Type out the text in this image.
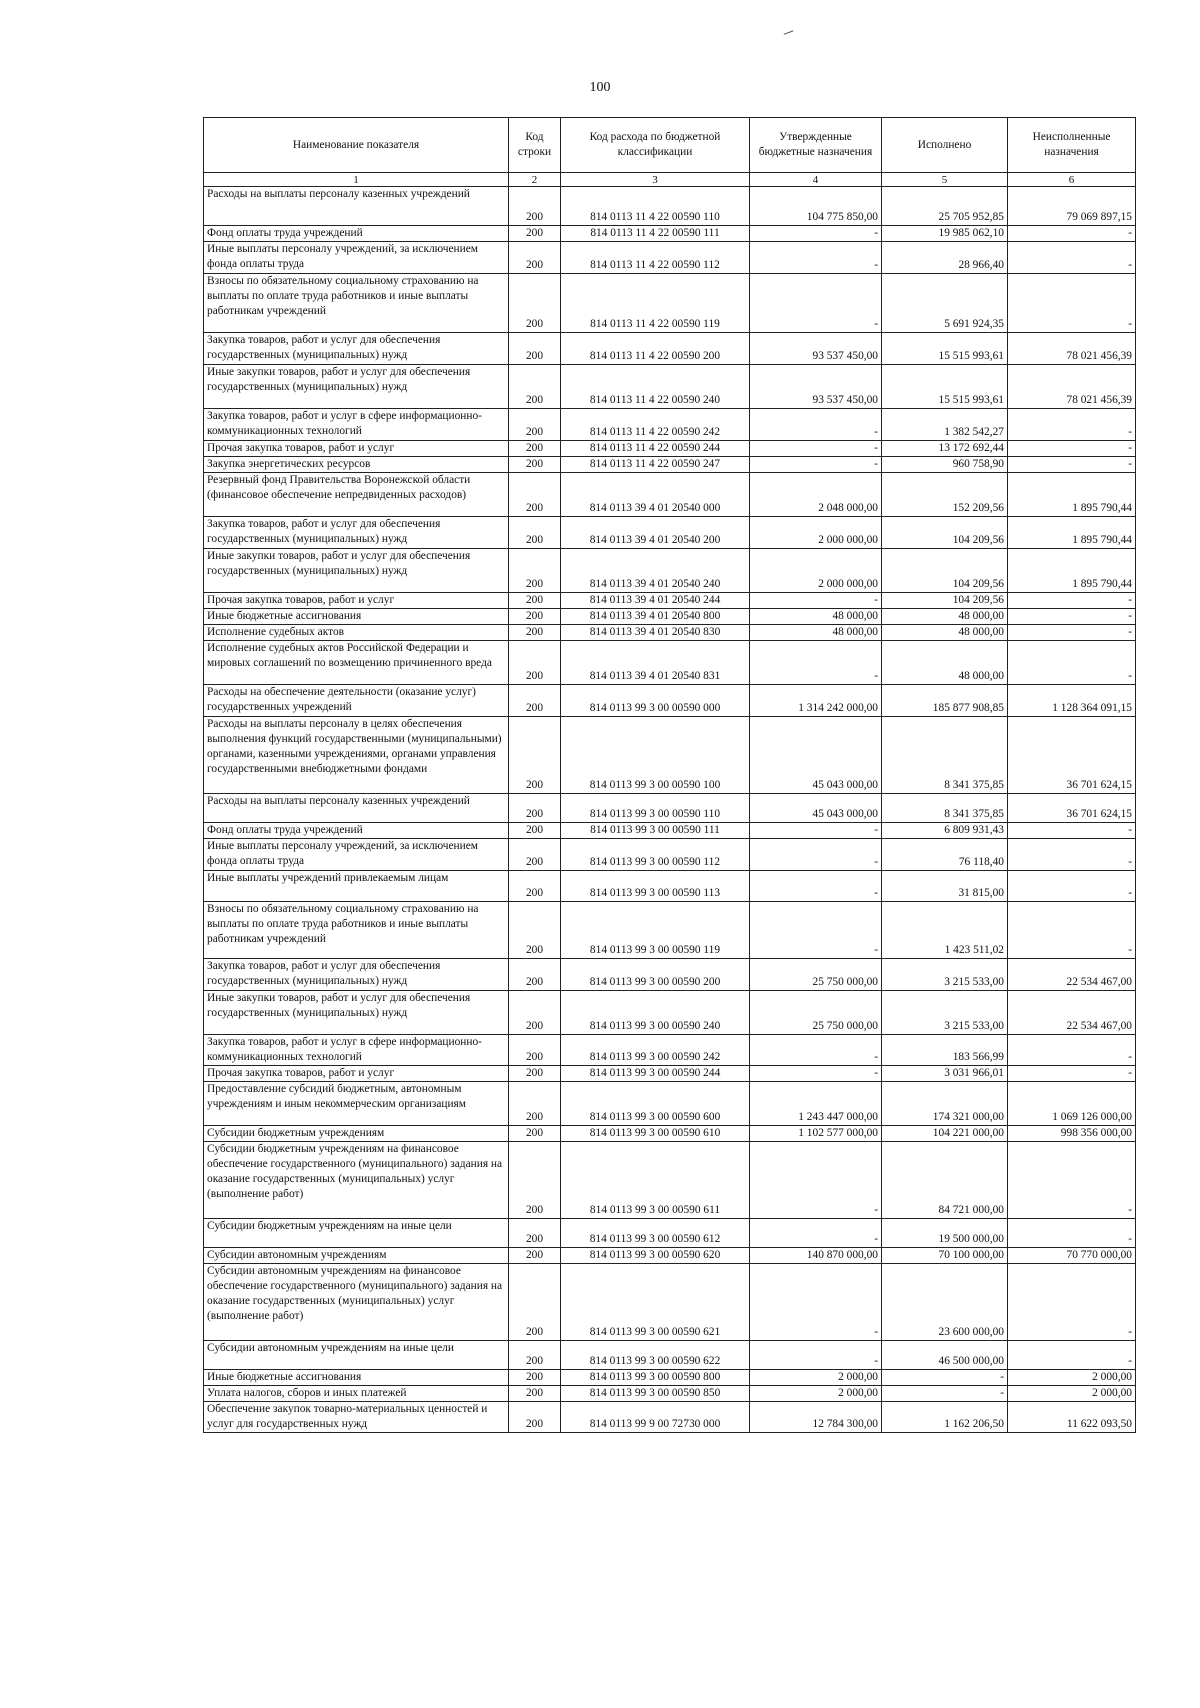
100
Наименование показателя	Код строки	Код расхода по бюджетной классификации	Утвержденные бюджетные назначения	Исполнено	Неисполненные назначения
1	2	3	4	5	6
Расходы на выплаты персоналу казенных учреждений	200	814 0113 11 4 22 00590 110	104 775 850,00	25 705 952,85	79 069 897,15
Фонд оплаты труда учреждений	200	814 0113 11 4 22 00590 111	-	19 985 062,10	-
Иные выплаты персоналу учреждений, за исключением фонда оплаты труда	200	814 0113 11 4 22 00590 112	-	28 966,40	-
Взносы по обязательному социальному страхованию на выплаты по оплате труда работников и иные выплаты работникам учреждений	200	814 0113 11 4 22 00590 119	-	5 691 924,35	-
Закупка товаров, работ и услуг для обеспечения государственных (муниципальных) нужд	200	814 0113 11 4 22 00590 200	93 537 450,00	15 515 993,61	78 021 456,39
Иные закупки товаров, работ и услуг для обеспечения государственных (муниципальных) нужд	200	814 0113 11 4 22 00590 240	93 537 450,00	15 515 993,61	78 021 456,39
Закупка товаров, работ и услуг в сфере информационно-коммуникационных технологий	200	814 0113 11 4 22 00590 242	-	1 382 542,27	-
Прочая закупка товаров, работ и услуг	200	814 0113 11 4 22 00590 244	-	13 172 692,44	-
Закупка энергетических ресурсов	200	814 0113 11 4 22 00590 247	-	960 758,90	-
Резервный фонд Правительства Воронежской области (финансовое обеспечение непредвиденных расходов)	200	814 0113 39 4 01 20540 000	2 048 000,00	152 209,56	1 895 790,44
Закупка товаров, работ и услуг для обеспечения государственных (муниципальных) нужд	200	814 0113 39 4 01 20540 200	2 000 000,00	104 209,56	1 895 790,44
Иные закупки товаров, работ и услуг для обеспечения государственных (муниципальных) нужд	200	814 0113 39 4 01 20540 240	2 000 000,00	104 209,56	1 895 790,44
Прочая закупка товаров, работ и услуг	200	814 0113 39 4 01 20540 244	-	104 209,56	-
Иные бюджетные ассигнования	200	814 0113 39 4 01 20540 800	48 000,00	48 000,00	-
Исполнение судебных актов	200	814 0113 39 4 01 20540 830	48 000,00	48 000,00	-
Исполнение судебных актов Российской Федерации и мировых соглашений по возмещению причиненного вреда	200	814 0113 39 4 01 20540 831	-	48 000,00	-
Расходы на обеспечение деятельности (оказание услуг) государственных учреждений	200	814 0113 99 3 00 00590 000	1 314 242 000,00	185 877 908,85	1 128 364 091,15
Расходы на выплаты персоналу в целях обеспечения выполнения функций государственными (муниципальными) органами, казенными учреждениями, органами управления государственными внебюджетными фондами	200	814 0113 99 3 00 00590 100	45 043 000,00	8 341 375,85	36 701 624,15
Расходы на выплаты персоналу казенных учреждений	200	814 0113 99 3 00 00590 110	45 043 000,00	8 341 375,85	36 701 624,15
Фонд оплаты труда учреждений	200	814 0113 99 3 00 00590 111	-	6 809 931,43	-
Иные выплаты персоналу учреждений, за исключением фонда оплаты труда	200	814 0113 99 3 00 00590 112	-	76 118,40	-
Иные выплаты учреждений привлекаемым лицам	200	814 0113 99 3 00 00590 113	-	31 815,00	-
Взносы по обязательному социальному страхованию на выплаты по оплате труда работников и иные выплаты работникам учреждений	200	814 0113 99 3 00 00590 119	-	1 423 511,02	-
Закупка товаров, работ и услуг для обеспечения государственных (муниципальных) нужд	200	814 0113 99 3 00 00590 200	25 750 000,00	3 215 533,00	22 534 467,00
Иные закупки товаров, работ и услуг для обеспечения государственных (муниципальных) нужд	200	814 0113 99 3 00 00590 240	25 750 000,00	3 215 533,00	22 534 467,00
Закупка товаров, работ и услуг в сфере информационно-коммуникационных технологий	200	814 0113 99 3 00 00590 242	-	183 566,99	-
Прочая закупка товаров, работ и услуг	200	814 0113 99 3 00 00590 244	-	3 031 966,01	-
Предоставление субсидий бюджетным, автономным учреждениям и иным некоммерческим организациям	200	814 0113 99 3 00 00590 600	1 243 447 000,00	174 321 000,00	1 069 126 000,00
Субсидии бюджетным учреждениям	200	814 0113 99 3 00 00590 610	1 102 577 000,00	104 221 000,00	998 356 000,00
Субсидии бюджетным учреждениям на финансовое обеспечение государственного (муниципального) задания на оказание государственных (муниципальных) услуг (выполнение работ)	200	814 0113 99 3 00 00590 611	-	84 721 000,00	-
Субсидии бюджетным учреждениям на иные цели	200	814 0113 99 3 00 00590 612	-	19 500 000,00	-
Субсидии автономным учреждениям	200	814 0113 99 3 00 00590 620	140 870 000,00	70 100 000,00	70 770 000,00
Субсидии автономным учреждениям на финансовое обеспечение государственного (муниципального) задания на оказание государственных (муниципальных) услуг (выполнение работ)	200	814 0113 99 3 00 00590 621	-	23 600 000,00	-
Субсидии автономным учреждениям на иные цели	200	814 0113 99 3 00 00590 622	-	46 500 000,00	-
Иные бюджетные ассигнования	200	814 0113 99 3 00 00590 800	2 000,00	-	2 000,00
Уплата налогов, сборов и иных платежей	200	814 0113 99 3 00 00590 850	2 000,00	-	2 000,00
Обеспечение закупок товарно-материальных ценностей и услуг для государственных нужд	200	814 0113 99 9 00 72730 000	12 784 300,00	1 162 206,50	11 622 093,50
